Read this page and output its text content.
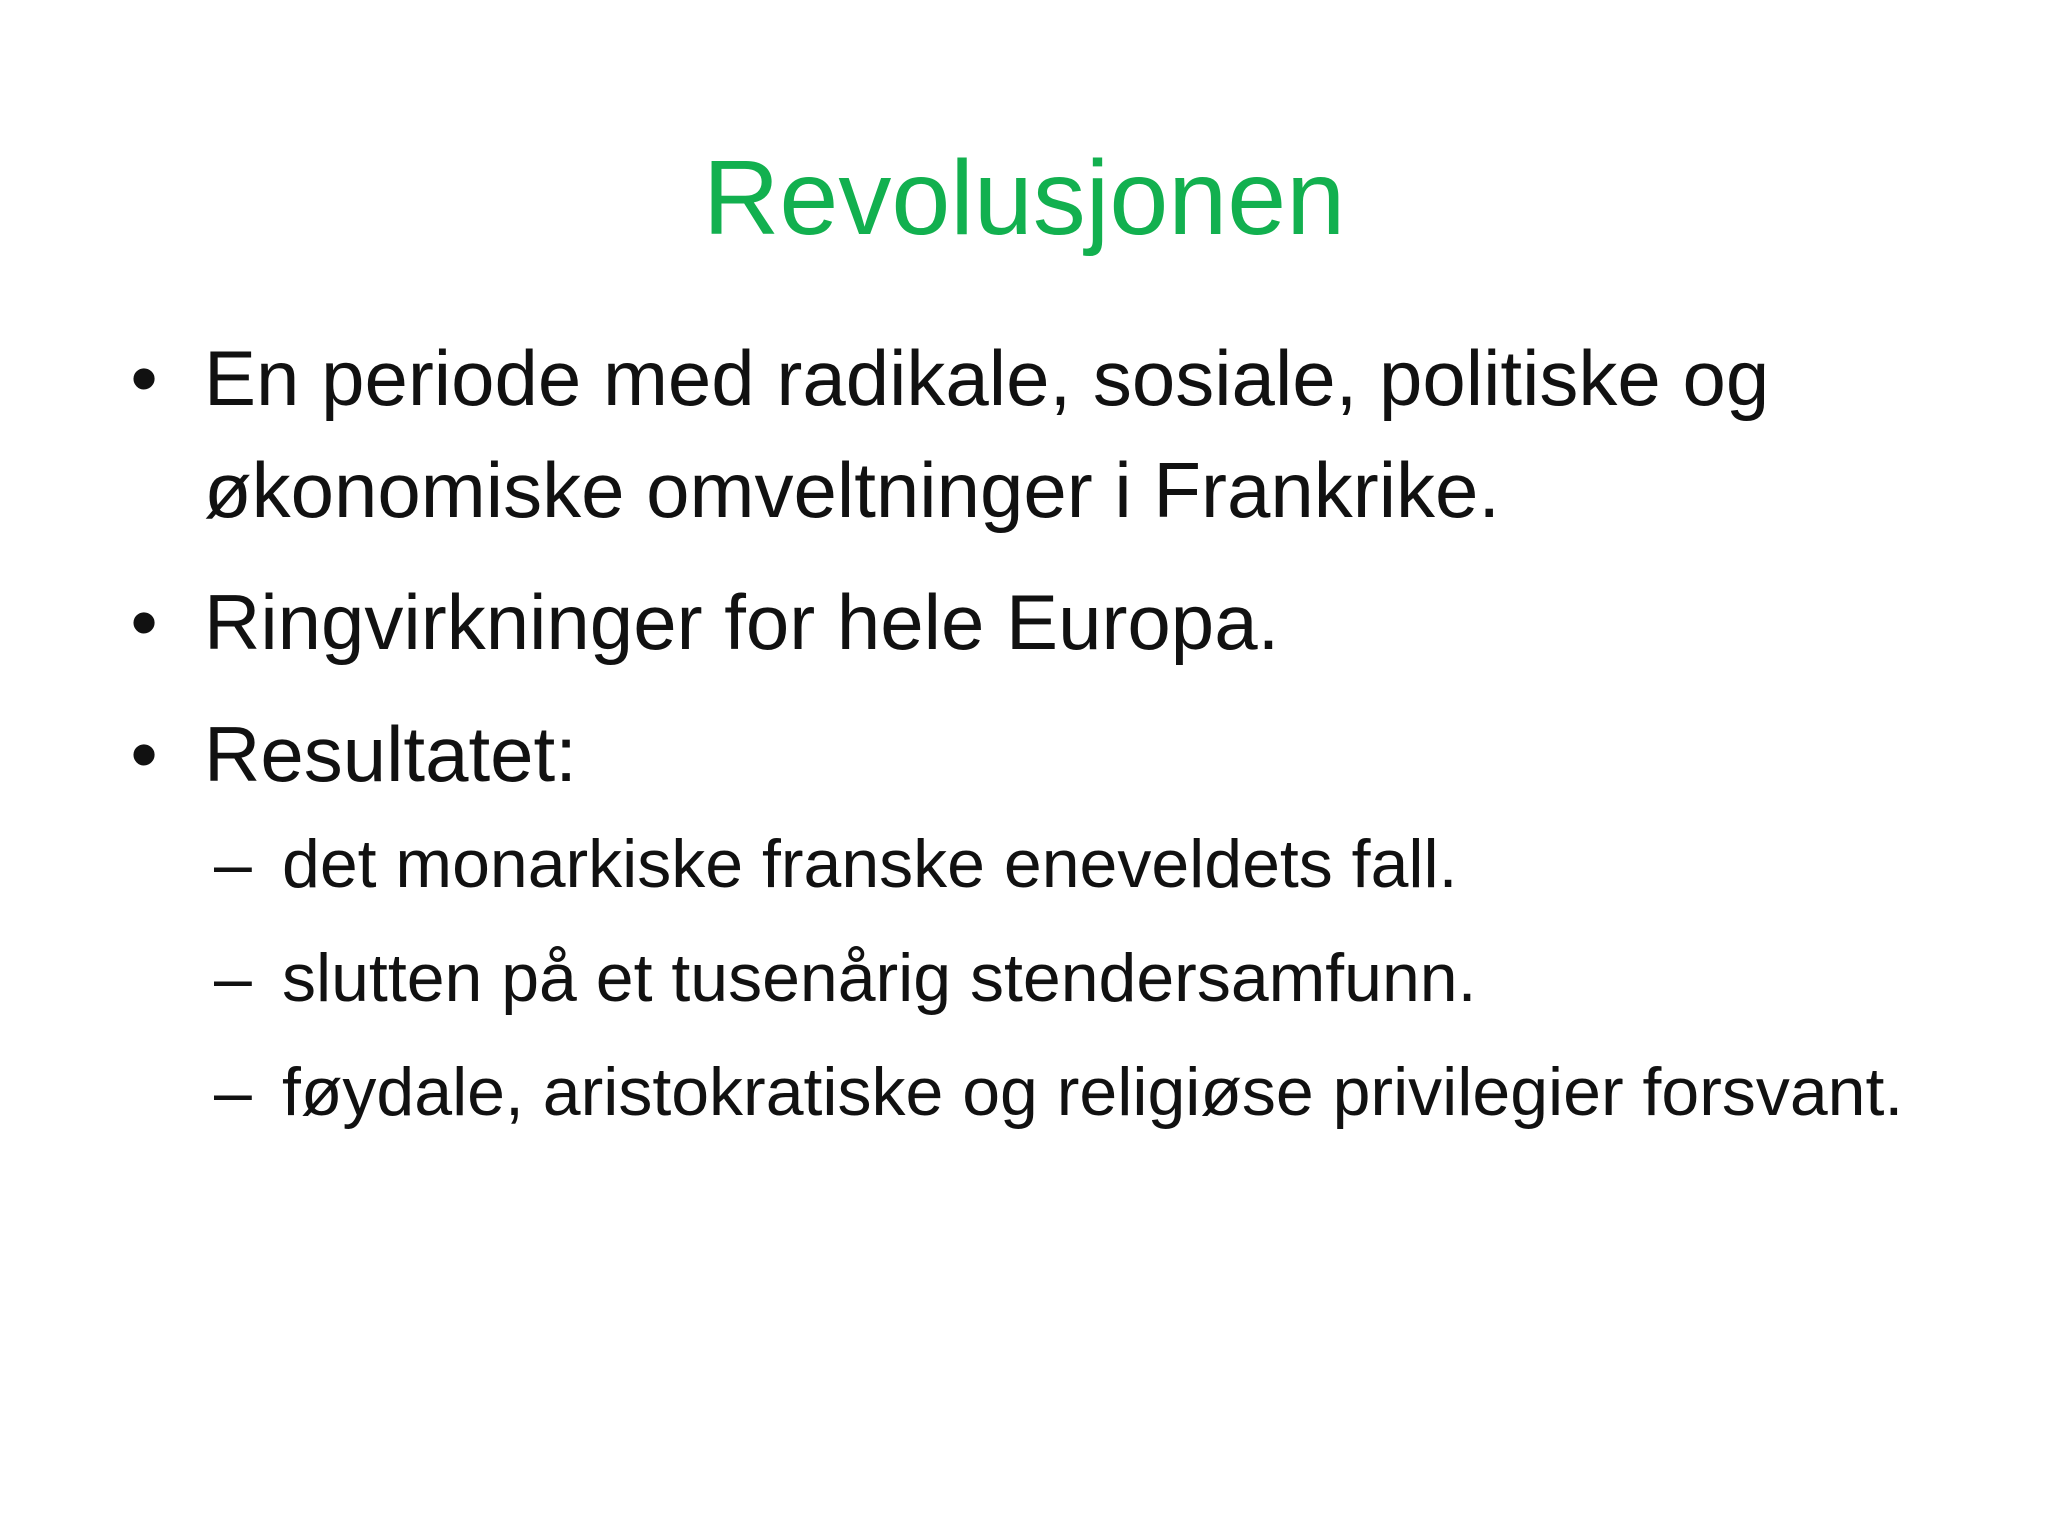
Revolusjonen
• En periode med radikale, sosiale, politiske og økonomiske omveltninger i Frankrike.
• Ringvirkninger for hele Europa.
• Resultatet:
– det monarkiske franske eneveldets fall.
– slutten på et tusenårig stendersamfunn.
– føydale, aristokratiske og religiøse privilegier forsvant.
